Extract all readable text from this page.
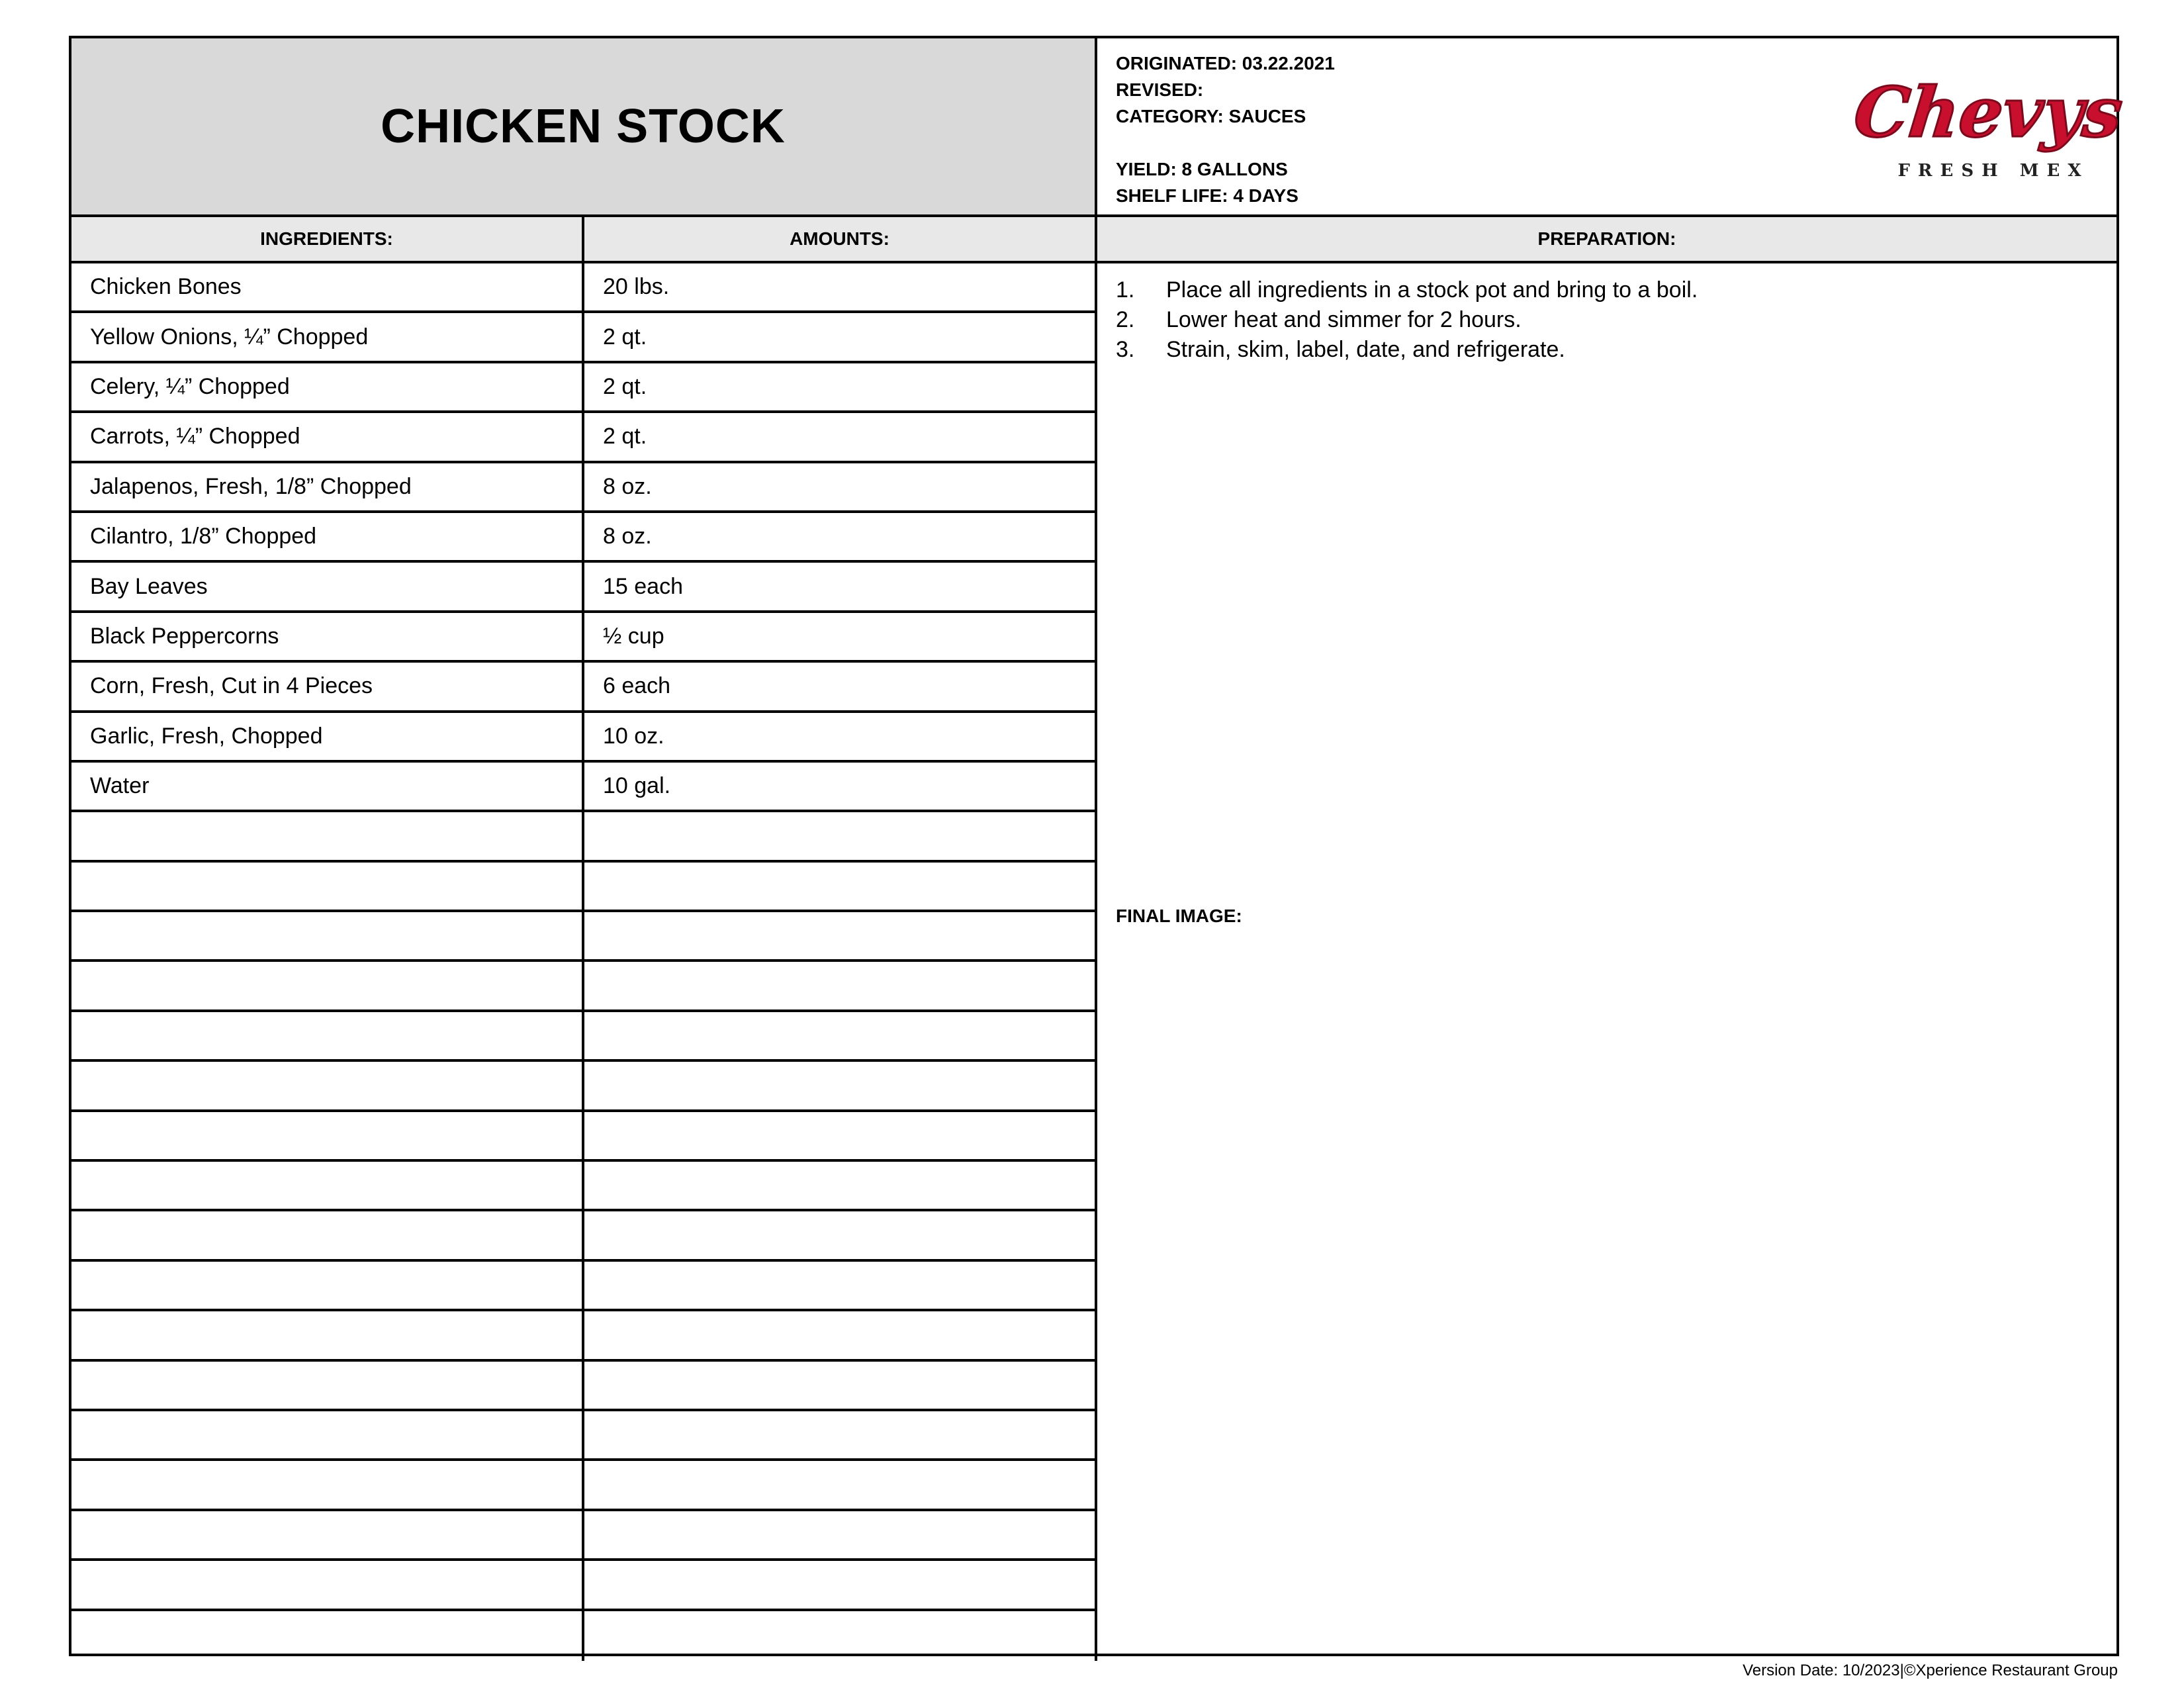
CHICKEN STOCK
ORIGINATED: 03.22.2021
REVISED:
CATEGORY: SAUCES
YIELD: 8 GALLONS
SHELF LIFE: 4 DAYS
Chevys
FRESH MEX
INGREDIENTS:	AMOUNTS:	PREPARATION:
Chicken Bones	20 lbs.
Yellow Onions, ¼” Chopped	2 qt.
Celery, ¼” Chopped	2 qt.
Carrots, ¼” Chopped	2 qt.
Jalapenos, Fresh, 1/8” Chopped	8 oz.
Cilantro, 1/8” Chopped	8 oz.
Bay Leaves	15 each
Black Peppercorns	½ cup
Corn, Fresh, Cut in 4 Pieces	6 each
Garlic, Fresh, Chopped	10 oz.
Water	10 gal.
1.	Place all ingredients in a stock pot and bring to a boil.
2.	Lower heat and simmer for 2 hours.
3.	Strain, skim, label, date, and refrigerate.
FINAL IMAGE:
Version Date: 10/2023|©Xperience Restaurant Group
